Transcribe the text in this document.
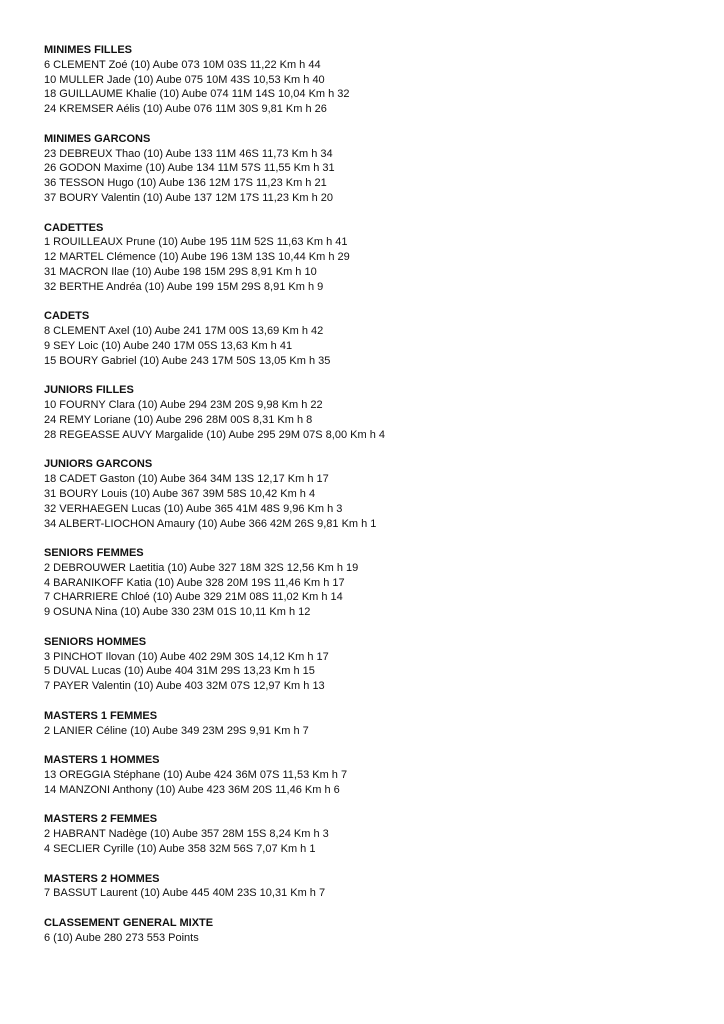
MINIMES FILLES
6 CLEMENT Zoé (10) Aube 073 10M 03S 11,22 Km h 44
10 MULLER Jade (10) Aube 075 10M 43S 10,53 Km h 40
18 GUILLAUME Khalie (10) Aube 074 11M 14S 10,04 Km h 32
24 KREMSER Aélis (10) Aube 076 11M 30S 9,81 Km h 26
MINIMES GARCONS
23 DEBREUX Thao (10) Aube 133 11M 46S 11,73 Km h 34
26 GODON Maxime (10) Aube 134 11M 57S 11,55 Km h 31
36 TESSON Hugo (10) Aube 136 12M 17S 11,23 Km h 21
37 BOURY Valentin (10) Aube 137 12M 17S 11,23 Km h 20
CADETTES
1 ROUILLEAUX Prune (10) Aube 195 11M 52S 11,63 Km h 41
12 MARTEL Clémence (10) Aube 196 13M 13S 10,44 Km h 29
31 MACRON Ilae (10) Aube 198 15M 29S 8,91 Km h 10
32 BERTHE Andréa (10) Aube 199 15M 29S 8,91 Km h 9
CADETS
8 CLEMENT Axel (10) Aube 241 17M 00S 13,69 Km h 42
9 SEY Loic (10) Aube 240 17M 05S 13,63 Km h 41
15 BOURY Gabriel (10) Aube 243 17M 50S 13,05 Km h 35
JUNIORS FILLES
10 FOURNY Clara (10) Aube 294 23M 20S 9,98 Km h 22
24 REMY Loriane (10) Aube 296 28M 00S 8,31 Km h 8
28 REGEASSE AUVY Margalide (10) Aube 295 29M 07S 8,00 Km h 4
JUNIORS GARCONS
18 CADET Gaston (10) Aube 364 34M 13S 12,17 Km h 17
31 BOURY Louis (10) Aube 367 39M 58S 10,42 Km h 4
32 VERHAEGEN Lucas (10) Aube 365 41M 48S 9,96 Km h 3
34 ALBERT-LIOCHON Amaury (10) Aube 366 42M 26S 9,81 Km h 1
SENIORS FEMMES
2 DEBROUWER Laetitia (10) Aube 327 18M 32S 12,56 Km h 19
4 BARANIKOFF Katia (10) Aube 328 20M 19S 11,46 Km h 17
7 CHARRIERE Chloé (10) Aube 329 21M 08S 11,02 Km h 14
9 OSUNA Nina (10) Aube 330 23M 01S 10,11 Km h 12
SENIORS HOMMES
3 PINCHOT Ilovan (10) Aube 402 29M 30S 14,12 Km h 17
5 DUVAL Lucas (10) Aube 404 31M 29S 13,23 Km h 15
7 PAYER Valentin (10) Aube 403 32M 07S 12,97 Km h 13
MASTERS 1 FEMMES
2 LANIER Céline (10) Aube 349 23M 29S 9,91 Km h 7
MASTERS 1 HOMMES
13 OREGGIA Stéphane (10) Aube 424 36M 07S 11,53 Km h 7
14 MANZONI Anthony (10) Aube 423 36M 20S 11,46 Km h 6
MASTERS 2 FEMMES
2 HABRANT Nadège (10) Aube 357 28M 15S 8,24 Km h 3
4 SECLIER Cyrille (10) Aube 358 32M 56S 7,07 Km h 1
MASTERS 2 HOMMES
7 BASSUT Laurent (10) Aube 445 40M 23S 10,31 Km h 7
CLASSEMENT GENERAL MIXTE
6 (10) Aube 280 273 553 Points
